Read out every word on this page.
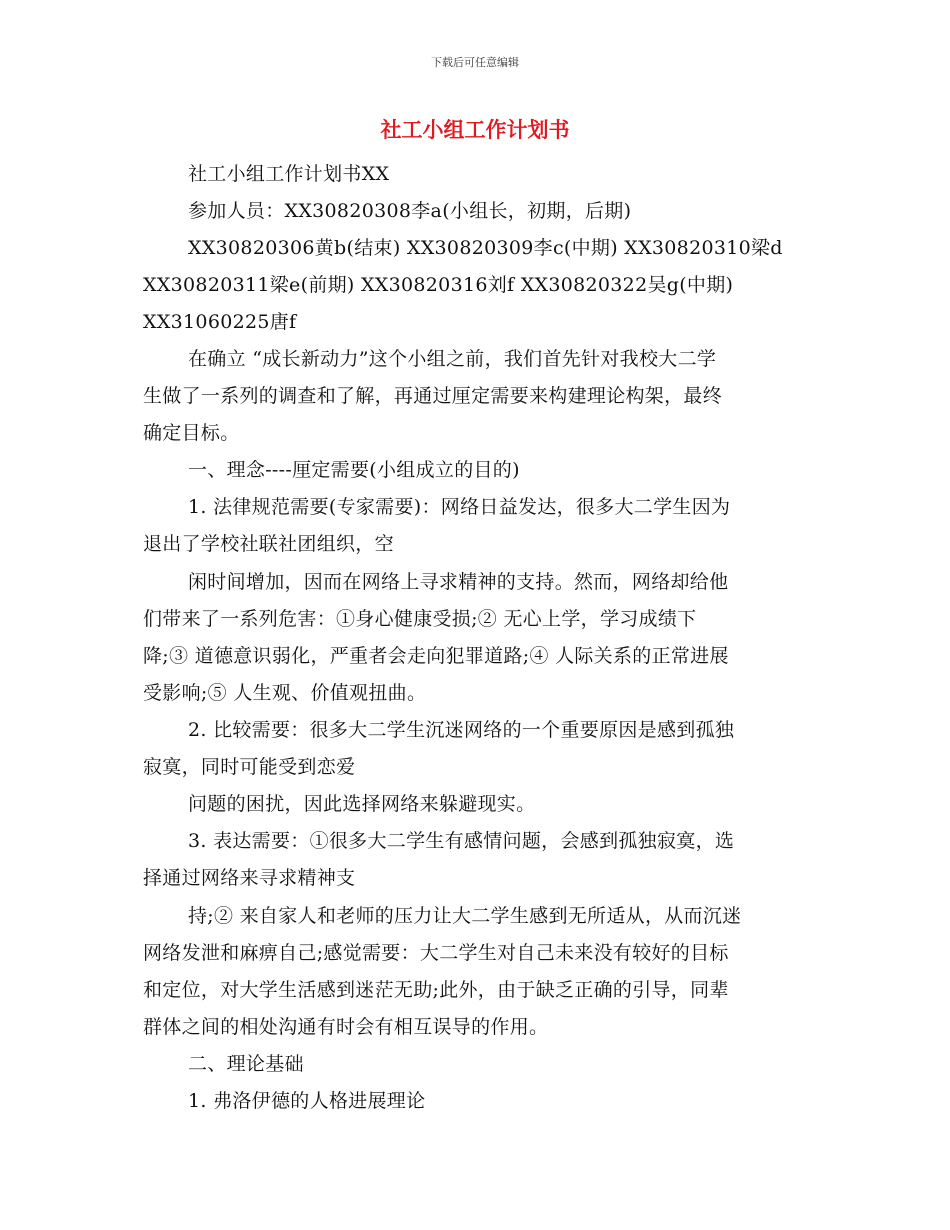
下载后可任意编辑
社工小组工作计划书
社工小组工作计划书XX
参加人员：XX30820308李a(小组长，初期，后期)
XX30820306黄b(结束) XX30820309李c(中期) XX30820310梁d
XX30820311梁e(前期) XX30820316刘f XX30820322吴g(中期)
XX31060225唐f
在确立 “成长新动力”这个小组之前，我们首先针对我校大二学
生做了一系列的调查和了解，再通过厘定需要来构建理论构架，最终
确定目标。
一、理念----厘定需要(小组成立的目的)
1. 法律规范需要(专家需要)：网络日益发达，很多大二学生因为
退出了学校社联社团组织，空
闲时间增加，因而在网络上寻求精神的支持。然而，网络却给他
们带来了一系列危害：①身心健康受损;② 无心上学，学习成绩下
降;③ 道德意识弱化，严重者会走向犯罪道路;④ 人际关系的正常进展
受影响;⑤ 人生观、价值观扭曲。
2. 比较需要：很多大二学生沉迷网络的一个重要原因是感到孤独
寂寞，同时可能受到恋爱
问题的困扰，因此选择网络来躲避现实。
3. 表达需要：①很多大二学生有感情问题，会感到孤独寂寞，选
择通过网络来寻求精神支
持;② 来自家人和老师的压力让大二学生感到无所适从，从而沉迷
网络发泄和麻痹自己;感觉需要：大二学生对自己未来没有较好的目标
和定位，对大学生活感到迷茫无助;此外，由于缺乏正确的引导，同辈
群体之间的相处沟通有时会有相互误导的作用。
二、理论基础
1. 弗洛伊德的人格进展理论
